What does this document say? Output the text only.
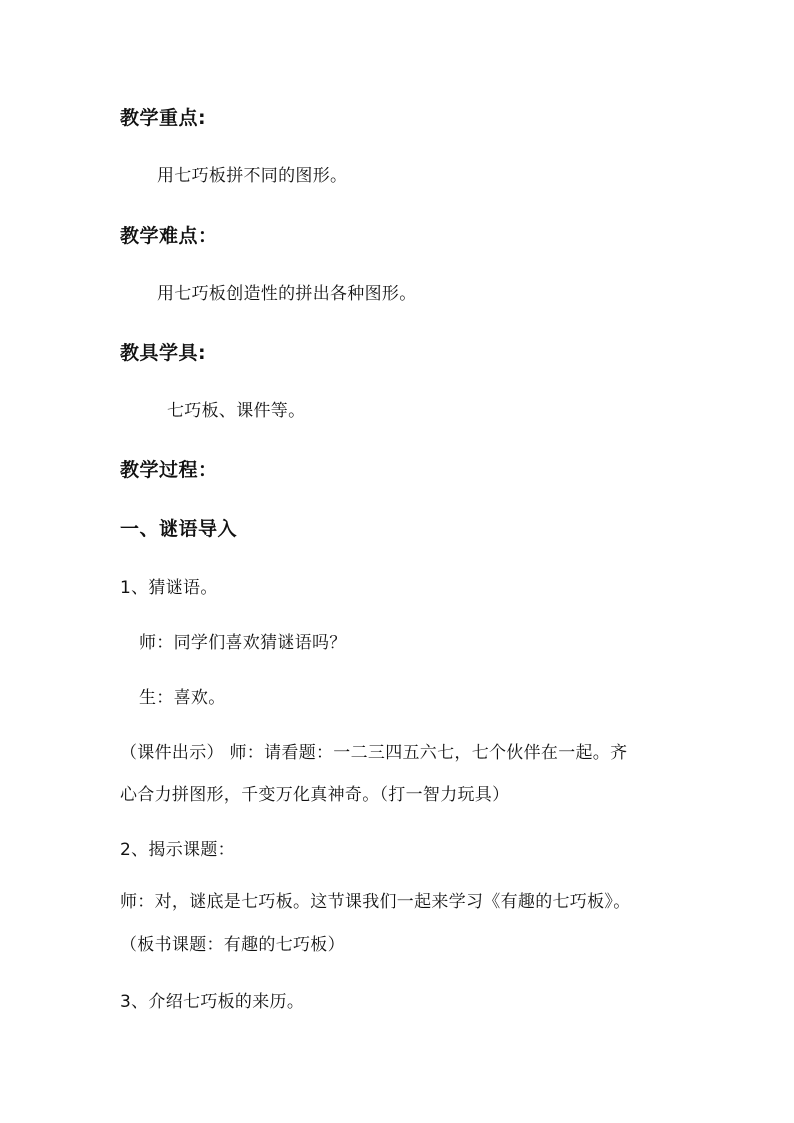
教学重点:
用七巧板拼不同的图形。
教学难点：
用七巧板创造性的拼出各种图形。
教具学具:
七巧板、课件等。
教学过程：
一、谜语导入
1、猜谜语。
师：同学们喜欢猜谜语吗？
生：喜欢。
（课件出示） 师：请看题：一二三四五六七，七个伙伴在一起。齐
心合力拼图形，千变万化真神奇。（打一智力玩具）
2、揭示课题：
师：对，谜底是七巧板。这节课我们一起来学习《有趣的七巧板》。
（板书课题：有趣的七巧板）
3、介绍七巧板的来历。
